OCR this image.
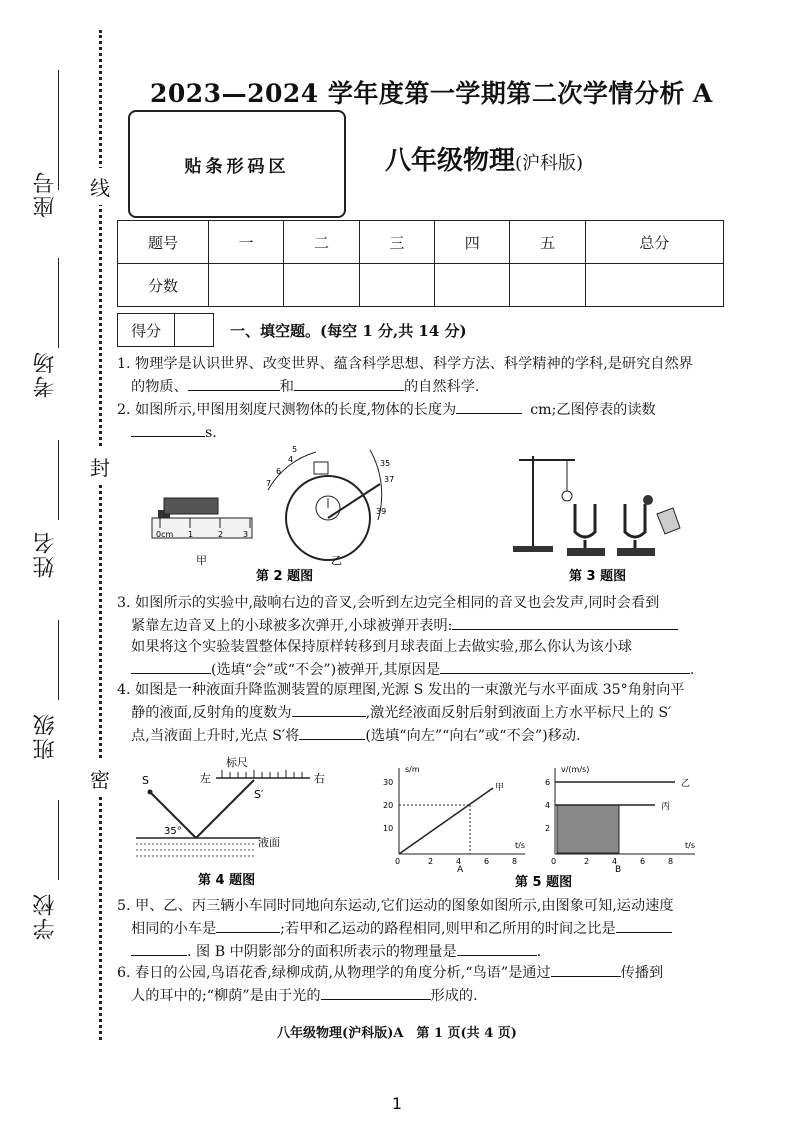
座号
考场
姓名
班级
学校
线
封
密
2023—2024 学年度第一学期第二次学情分析 A
贴条形码区	八年级物理(沪科版)
题号	一	二	三	四	五	总分
分数						
得分		一、填空题。(每空 1 分,共 14 分)

1. 物理学是认识世界、改变世界、蕴含科学思想、科学方法、科学精神的学科,是研究自然界

的物质、	和	的自然科学.

2. 如图所示,甲图用刻度尺测物体的长度,物体的长度为	cm;乙图停表的读数

s.

0cm 1	2 3
甲
4
5
6
7
35
37
39
乙
第 2 题图	第 3 题图

3. 如图所示的实验中,敲响右边的音叉,会听到左边完全相同的音叉也会发声,同时会看到

紧靠左边音叉上的小球被多次弹开,小球被弹开表明:

如果将这个实验装置整体保持原样转移到月球表面上去做实验,那么你认为该小球

(选填“会”或“不会”)被弹开,其原因是	.

4. 如图是一种液面升降监测装置的原理图,光源 S 发出的一束激光与水平面成 35°角射向平

静的液面,反射角的度数为	,激光经液面反射后射到液面上方水平标尺上的 S′

点,当液面上升时,光点 S′将	(选填“向左”“向右”或“不会”)移动.

标尺
左	右
S
S′
35°
液面
第 4 题图
s/m
t/s
10
20
30
0	2	4	6	8
甲
A
v/(m/s)
t/s
2
4
6
0	2	4	6	8
乙
丙
B
第 5 题图

5. 甲、乙、丙三辆小车同时同地向东运动,它们运动的图象如图所示,由图象可知,运动速度

相同的小车是	;若甲和乙运动的路程相同,则甲和乙所用的时间之比是

. 图 B 中阴影部分的面积所表示的物理量是	.

6. 春日的公园,鸟语花香,绿柳成荫,从物理学的角度分析,“鸟语”是通过	传播到

人的耳中的;“柳荫”是由于光的	形成的.

八年级物理(沪科版)A　第 1 页(共 4 页)
1
